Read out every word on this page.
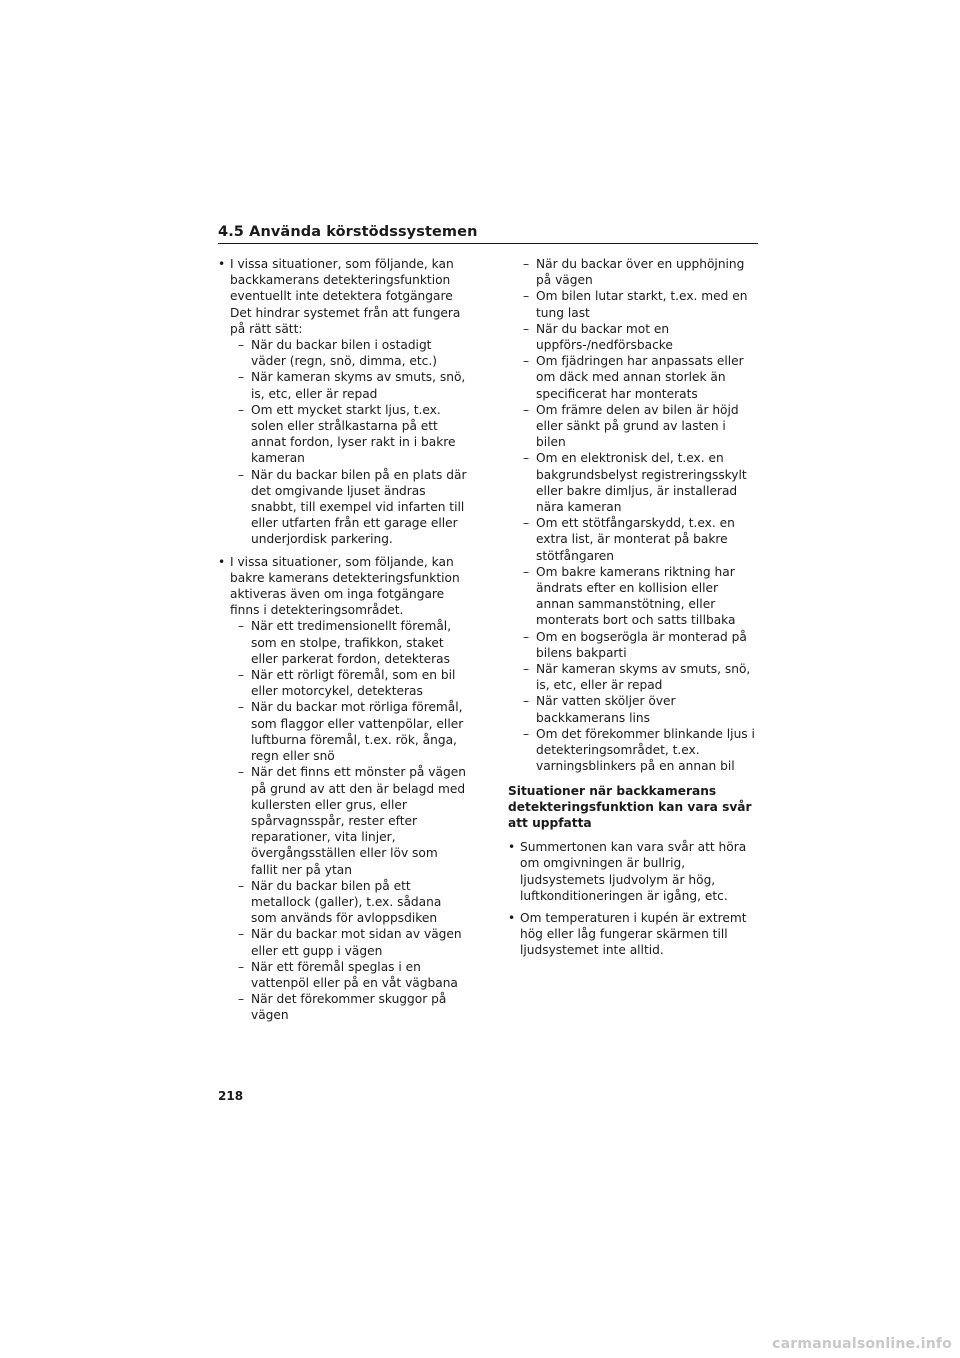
4.5 Använda körstödssystemen
• I vissa situationer, som följande, kan backkamerans detekteringsfunktion eventuellt inte detektera fotgängare Det hindrar systemet från att fungera på rätt sätt:
– När du backar bilen i ostadigt väder (regn, snö, dimma, etc.)
– När kameran skyms av smuts, snö, is, etc, eller är repad
– Om ett mycket starkt ljus, t.ex. solen eller strålkastarna på ett annat fordon, lyser rakt in i bakre kameran
– När du backar bilen på en plats där det omgivande ljuset ändras snabbt, till exempel vid infarten till eller utfarten från ett garage eller underjordisk parkering.
• I vissa situationer, som följande, kan bakre kamerans detekteringsfunktion aktiveras även om inga fotgängare finns i detekteringsområdet.
– När ett tredimensionellt föremål, som en stolpe, trafikkon, staket eller parkerat fordon, detekteras
– När ett rörligt föremål, som en bil eller motorcykel, detekteras
– När du backar mot rörliga föremål, som flaggor eller vattenpölar, eller luftburna föremål, t.ex. rök, ånga, regn eller snö
– När det finns ett mönster på vägen på grund av att den är belagd med kullersten eller grus, eller spårvagnsspår, rester efter reparationer, vita linjer, övergångsställen eller löv som fallit ner på ytan
– När du backar bilen på ett metallock (galler), t.ex. sådana som används för avloppsdiken
– När du backar mot sidan av vägen eller ett gupp i vägen
– När ett föremål speglas i en vattenpöl eller på en våt vägbana
– När det förekommer skuggor på vägen
– När du backar över en upphöjning på vägen
– Om bilen lutar starkt, t.ex. med en tung last
– När du backar mot en uppförs-/nedförsbacke
– Om fjädringen har anpassats eller om däck med annan storlek än specificerat har monterats
– Om främre delen av bilen är höjd eller sänkt på grund av lasten i bilen
– Om en elektronisk del, t.ex. en bakgrundsbelyst registreringsskylt eller bakre dimljus, är installerad nära kameran
– Om ett stötfångarskydd, t.ex. en extra list, är monterat på bakre stötfångaren
– Om bakre kamerans riktning har ändrats efter en kollision eller annan sammanstötning, eller monterats bort och satts tillbaka
– Om en bogserögla är monterad på bilens bakparti
– När kameran skyms av smuts, snö, is, etc, eller är repad
– När vatten sköljer över backkamerans lins
– Om det förekommer blinkande ljus i detekteringsområdet, t.ex. varningsblinkers på en annan bil
Situationer när backkamerans detekteringsfunktion kan vara svår att uppfatta
• Summertonen kan vara svår att höra om omgivningen är bullrig, ljudsystemets ljudvolym är hög, luftkonditioneringen är igång, etc.
• Om temperaturen i kupén är extremt hög eller låg fungerar skärmen till ljudsystemet inte alltid.
218
carmanualsonline.info
